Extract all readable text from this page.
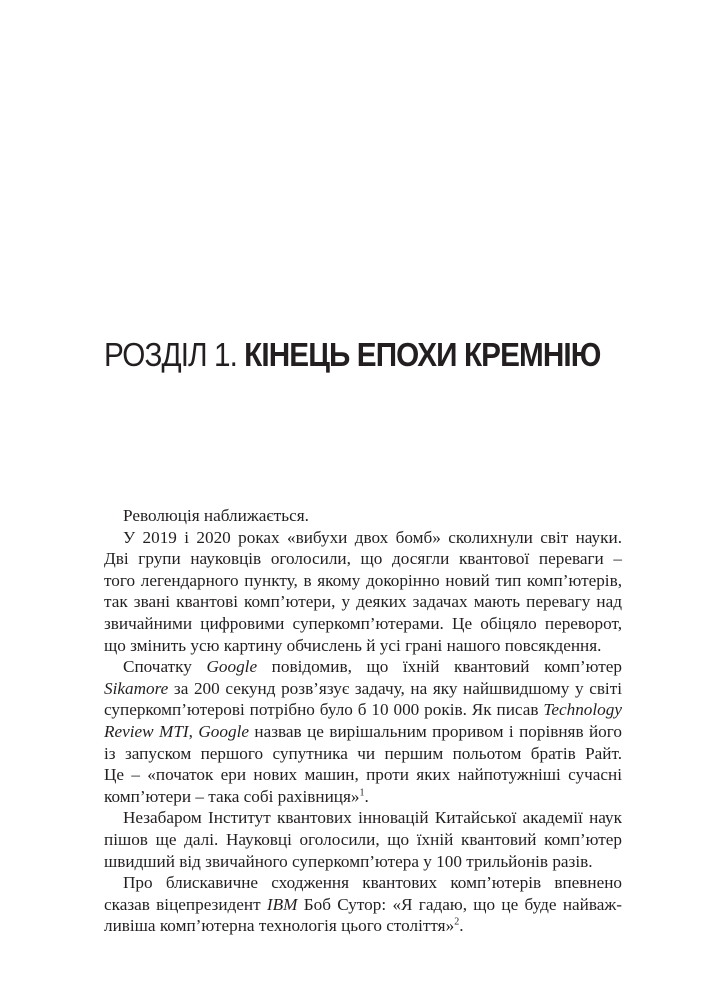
РОЗДІЛ 1. КІНЕЦЬ ЕПОХИ КРЕМНІЮ

Революція наближається.

У 2019 і 2020 роках «вибухи двох бомб» сколихнули світ науки.
Дві групи науковців оголосили, що досягли квантової переваги –
того легендарного пункту, в якому докорінно новий тип комп’ютерів,
так звані квантові комп’ютери, у деяких задачах мають перевагу над
звичайними цифровими суперкомп’ютерами. Це обіцяло переворот,
що змінить усю картину обчислень й усі грані нашого повсякдення.
Спочатку Google повідомив, що їхній квантовий комп’ютер
Sikamore за 200 секунд розв’язує задачу, на яку найшвидшому у світі
суперкомп’ютерові потрібно було б 10 000 років. Як писав Technology
Review MTI, Google назвав це вирішальним проривом і порівняв його
із запуском першого супутника чи першим польотом братів Райт.
Це – «початок ери нових машин, проти яких найпотужніші сучасні
комп’ютери – така собі рахівниця»$^1$.
Незабаром Інститут квантових інновацій Китайської академії наук
пішов ще далі. Науковці оголосили, що їхній квантовий комп’ютер
швидший від звичайного суперкомп’ютера у 100 трильйонів разів.
Про блискавичне сходження квантових комп’ютерів впевнено
сказав віцепрезидент IBM Боб Сутор: «Я гадаю, що це буде найваж-
ливіша комп’ютерна технологія цього століття»$^2$.
